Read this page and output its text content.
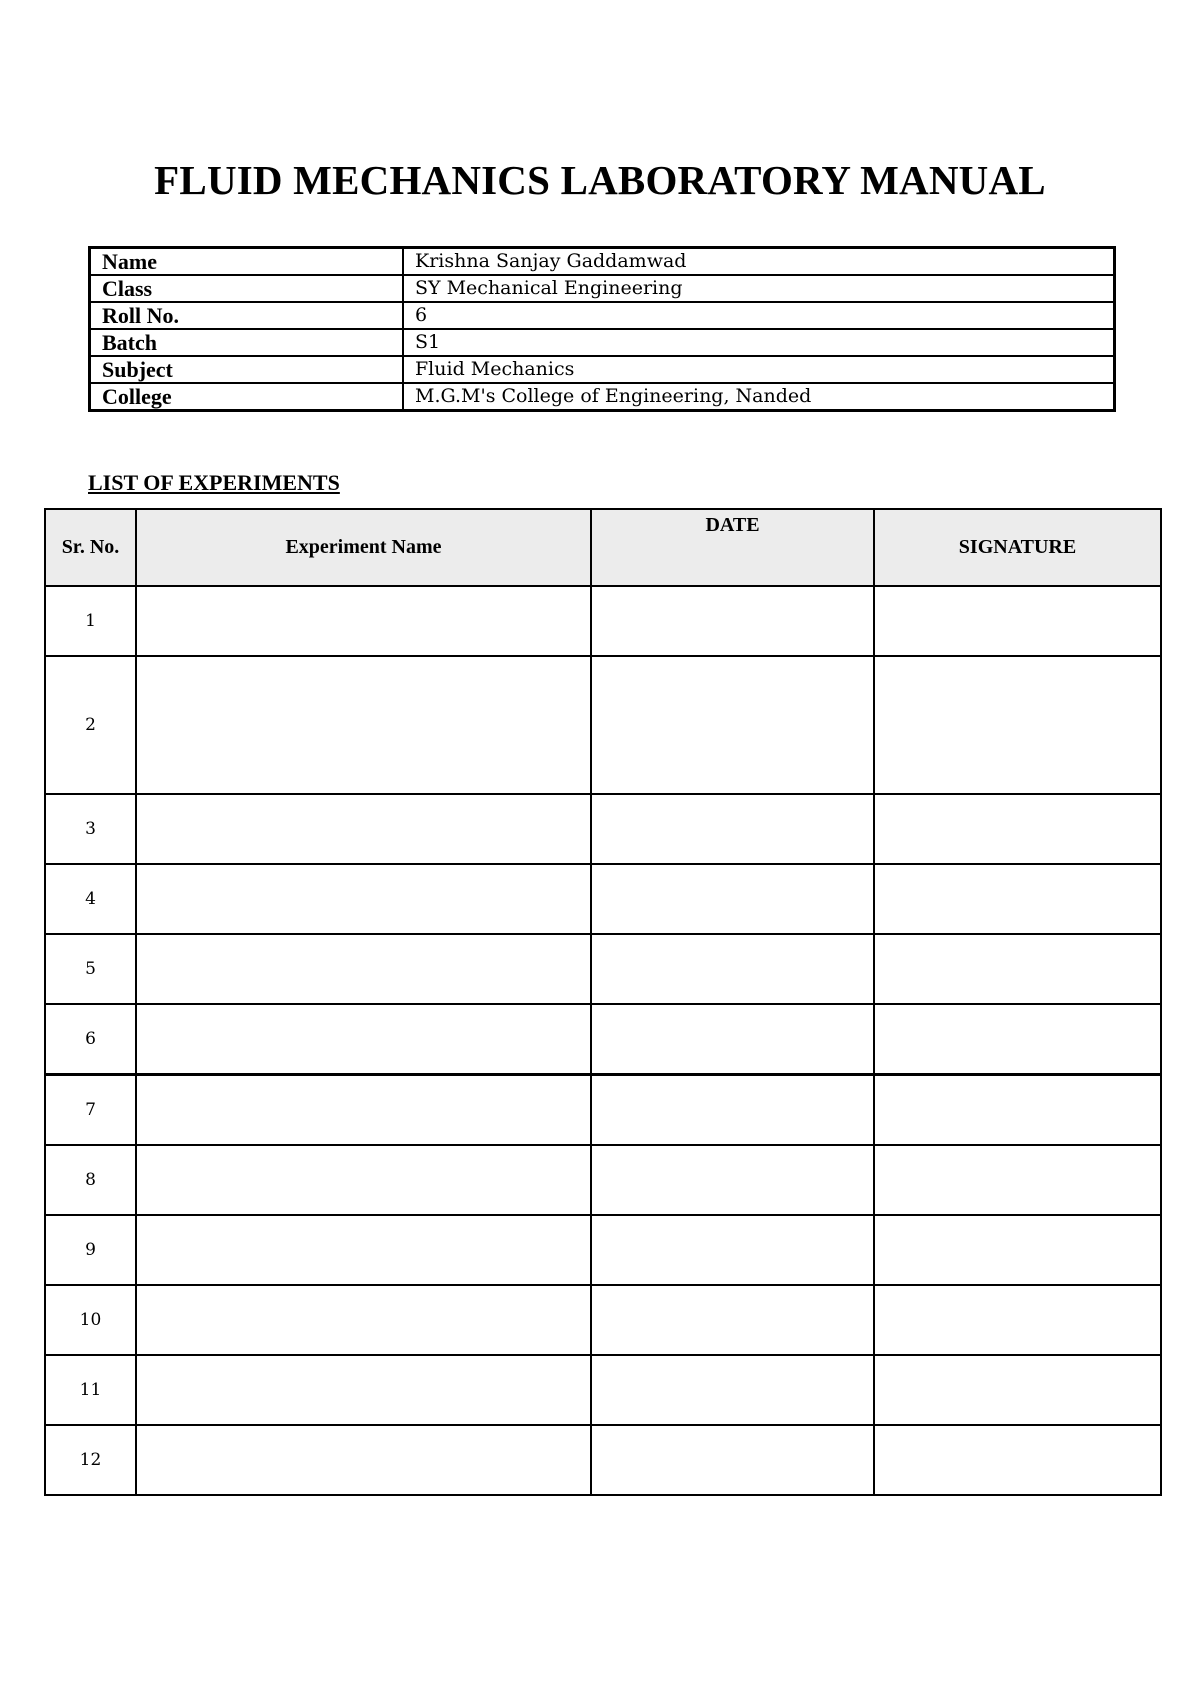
FLUID MECHANICS LABORATORY MANUAL
Name	Krishna Sanjay Gaddamwad
Class	SY Mechanical Engineering
Roll No.	6
Batch	S1
Subject	Fluid Mechanics
College	M.G.M's College of Engineering, Nanded
LIST OF EXPERIMENTS
Sr. No.	Experiment Name	DATE	SIGNATURE
1			
2			
3			
4			
5			
6			
7			
8			
9			
10			
11			
12			
